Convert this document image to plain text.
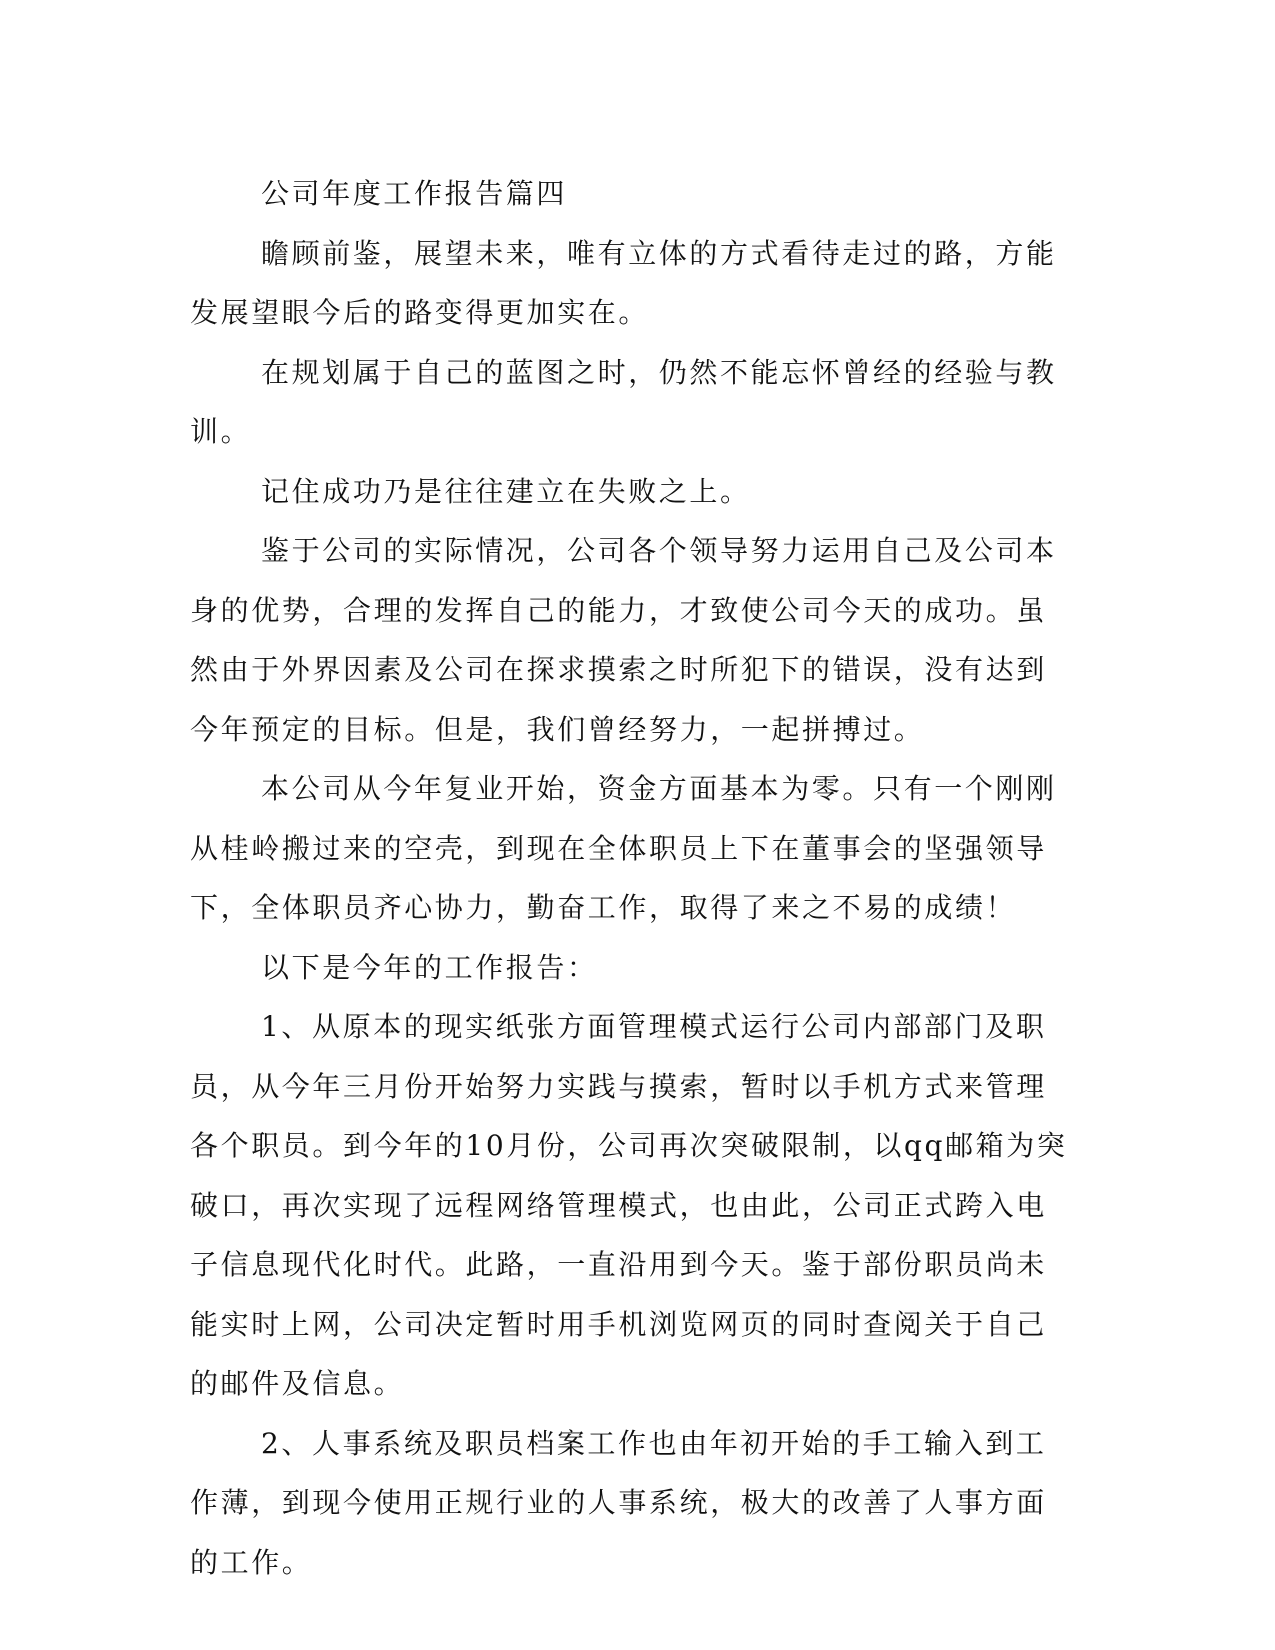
公司年度工作报告篇四

瞻顾前鉴，展望未来，唯有立体的方式看待走过的路，方能发展望眼今后的路变得更加实在。

在规划属于自己的蓝图之时，仍然不能忘怀曾经的经验与教训。

记住成功乃是往往建立在失败之上。

鉴于公司的实际情况，公司各个领导努力运用自己及公司本身的优势，合理的发挥自己的能力，才致使公司今天的成功。虽然由于外界因素及公司在探求摸索之时所犯下的错误，没有达到今年预定的目标。但是，我们曾经努力，一起拼搏过。

本公司从今年复业开始，资金方面基本为零。只有一个刚刚从桂岭搬过来的空壳，到现在全体职员上下在董事会的坚强领导下，全体职员齐心协力，勤奋工作，取得了来之不易的成绩！

以下是今年的工作报告：

1、从原本的现实纸张方面管理模式运行公司内部部门及职员，从今年三月份开始努力实践与摸索，暂时以手机方式来管理各个职员。到今年的10月份，公司再次突破限制，以qq邮箱为突破口，再次实现了远程网络管理模式，也由此，公司正式跨入电子信息现代化时代。此路，一直沿用到今天。鉴于部份职员尚未能实时上网，公司决定暂时用手机浏览网页的同时查阅关于自己的邮件及信息。

2、人事系统及职员档案工作也由年初开始的手工输入到工作薄，到现今使用正规行业的人事系统，极大的改善了人事方面的工作。
